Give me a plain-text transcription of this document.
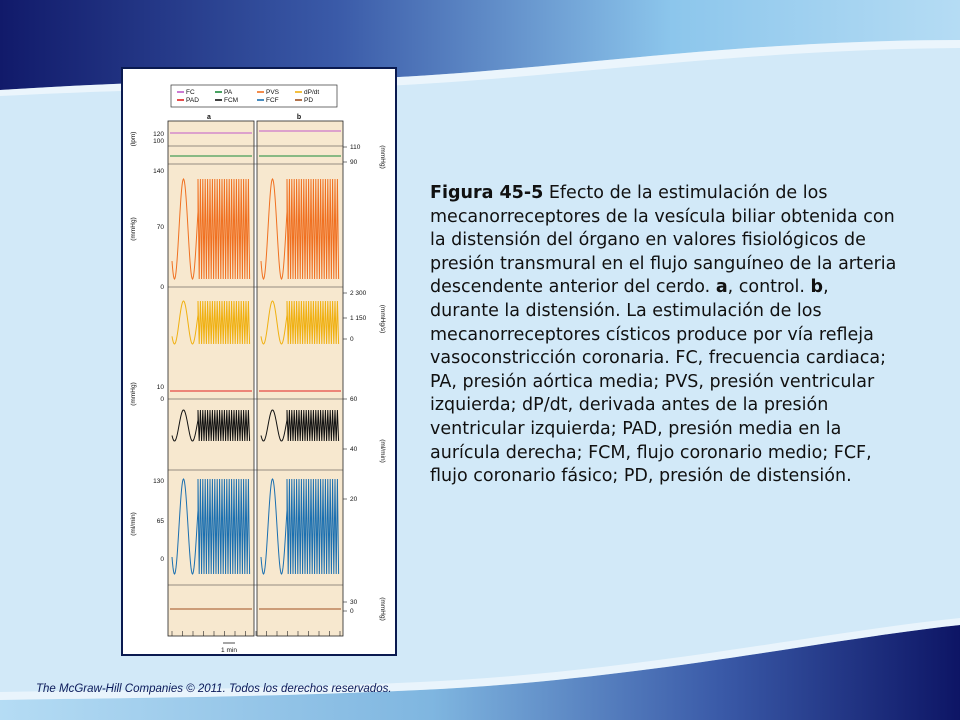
FC	PA	PVS	dP/dt
PAD	FCM	FCF	PD
a	b
120
100
140
70
0
10
0
130
65
0
(lpm)
(mmHg)
(mmHg)
(ml/min)
110
90
2 300
1 150
0
60
40
20
30
0
(mmHg)
(mmHg/s)
(ml/min)
(mmHg)
1 min
Figura 45-5 Efecto de la estimulación de los mecanorreceptores de la vesícula biliar obtenida con la distensión del órgano en valores fisiológicos de presión transmural en el flujo sanguíneo de la arteria descendente anterior del cerdo. a, control. b, durante la distensión. La estimulación de los mecanorreceptores císticos produce por vía refleja vasoconstricción coronaria. FC, frecuencia cardiaca; PA, presión aórtica media; PVS, presión ventricular izquierda; dP/dt, derivada antes de la presión ventricular izquierda; PAD, presión media en la aurícula derecha; FCM, flujo coronario medio; FCF, flujo coronario fásico; PD, presión de distensión.
The McGraw-Hill Companies © 2011. Todos los derechos reservados.
